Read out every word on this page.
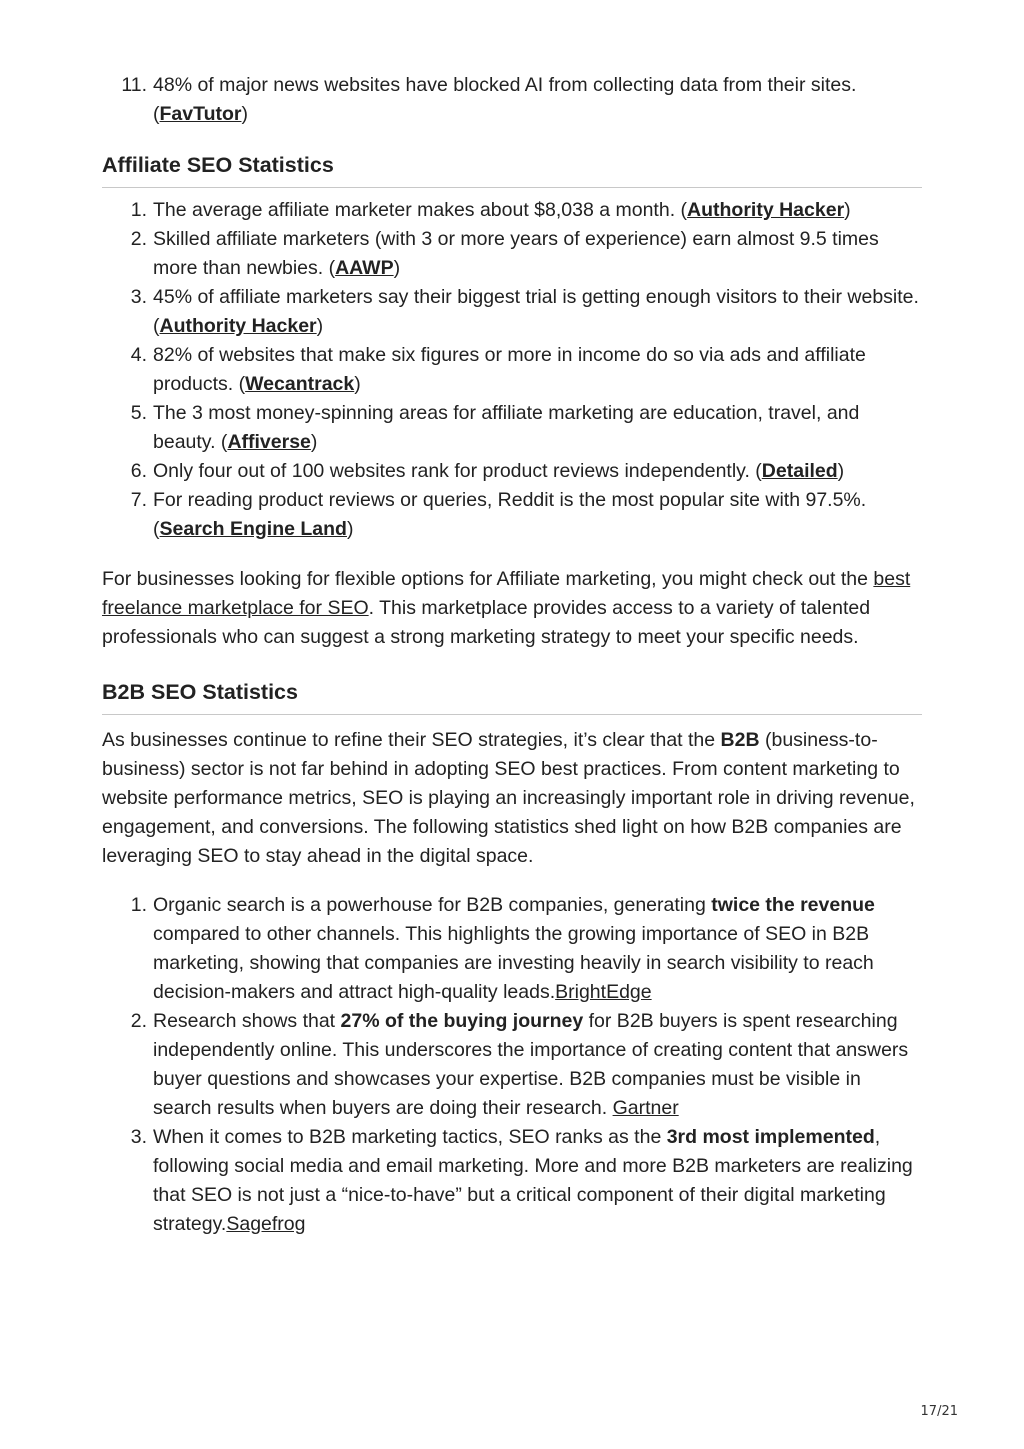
11. 48% of major news websites have blocked AI from collecting data from their sites. (FavTutor)
Affiliate SEO Statistics
1. The average affiliate marketer makes about $8,038 a month. (Authority Hacker)
2. Skilled affiliate marketers (with 3 or more years of experience) earn almost 9.5 times more than newbies. (AAWP)
3. 45% of affiliate marketers say their biggest trial is getting enough visitors to their website. (Authority Hacker)
4. 82% of websites that make six figures or more in income do so via ads and affiliate products. (Wecantrack)
5. The 3 most money-spinning areas for affiliate marketing are education, travel, and beauty. (Affiverse)
6. Only four out of 100 websites rank for product reviews independently. (Detailed)
7. For reading product reviews or queries, Reddit is the most popular site with 97.5%. (Search Engine Land)

For businesses looking for flexible options for Affiliate marketing, you might check out the best freelance marketplace for SEO. This marketplace provides access to a variety of talented professionals who can suggest a strong marketing strategy to meet your specific needs.

B2B SEO Statistics

As businesses continue to refine their SEO strategies, it’s clear that the B2B (business-to-business) sector is not far behind in adopting SEO best practices. From content marketing to website performance metrics, SEO is playing an increasingly important role in driving revenue, engagement, and conversions. The following statistics shed light on how B2B companies are leveraging SEO to stay ahead in the digital space.

1. Organic search is a powerhouse for B2B companies, generating twice the revenue compared to other channels. This highlights the growing importance of SEO in B2B marketing, showing that companies are investing heavily in search visibility to reach decision-makers and attract high-quality leads.BrightEdge
2. Research shows that 27% of the buying journey for B2B buyers is spent researching independently online. This underscores the importance of creating content that answers buyer questions and showcases your expertise. B2B companies must be visible in search results when buyers are doing their research. Gartner
3. When it comes to B2B marketing tactics, SEO ranks as the 3rd most implemented, following social media and email marketing. More and more B2B marketers are realizing that SEO is not just a “nice-to-have” but a critical component of their digital marketing strategy.Sagefrog
17/21
